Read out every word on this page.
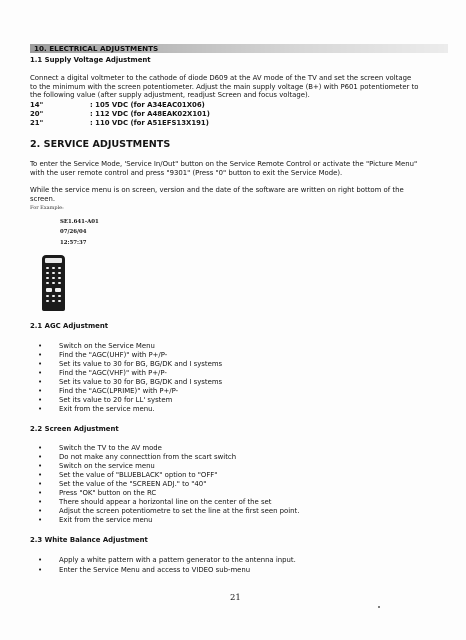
10. ELECTRICAL ADJUSTMENTS
1.1 Supply Voltage Adjustment
Connect a digital voltmeter to the cathode of diode D609 at the AV mode of the TV and set the screen voltage
to the minimum with the screen potentiometer. Adjust the main supply voltage (B+) with P601 potentiometer to
the following value (after supply adjustment, readjust Screen and focus voltage).
14"	: 105 VDC (for A34EAC01X06)
20"	: 112 VDC (for A48EAK02X101)
21"	: 110 VDC (for A51EFS13X191)
2. SERVICE ADJUSTMENTS
To enter the Service Mode, 'Service In/Out" button on the Service Remote Control or activate the "Picture Menu"
with the user remote control and press "9301" (Press "0" button to exit the Service Mode).
While the service menu is on screen, version and the date of the software are written on right bottom of the
screen.
For Example:
SE1.641-A01
07/26/04
12:57:37
2.1 AGC Adjustment
• Switch on the Service Menu
• Find the "AGC(UHF)" with P+/P-
• Set its value to 30 for BG, BG/DK and I systems
• Find the "AGC(VHF)" with P+/P-
• Set its value to 30 for BG, BG/DK and I systems
• Find the "AGC(LPRIME)" with P+/P-
• Set its value to 20 for LL' system
• Exit from the service menu.
2.2 Screen Adjustment
• Switch the TV to the AV mode
• Do not make any connecttion from the scart switch
• Switch on the service menu
• Set the value of "BLUEBLACK" option to "OFF"
• Set the value of the "SCREEN ADJ." to "40"
• Press "OK" button on the RC
• There should appear a horizontal line on the center of the set
• Adjsut the screen potentiometre to set the line at the first seen point.
• Exit from the service menu
2.3 White Balance Adjustment
• Apply a white pattern with a pattern generator to the antenna input.
• Enter the Service Menu and access to VIDEO sub-menu
21
